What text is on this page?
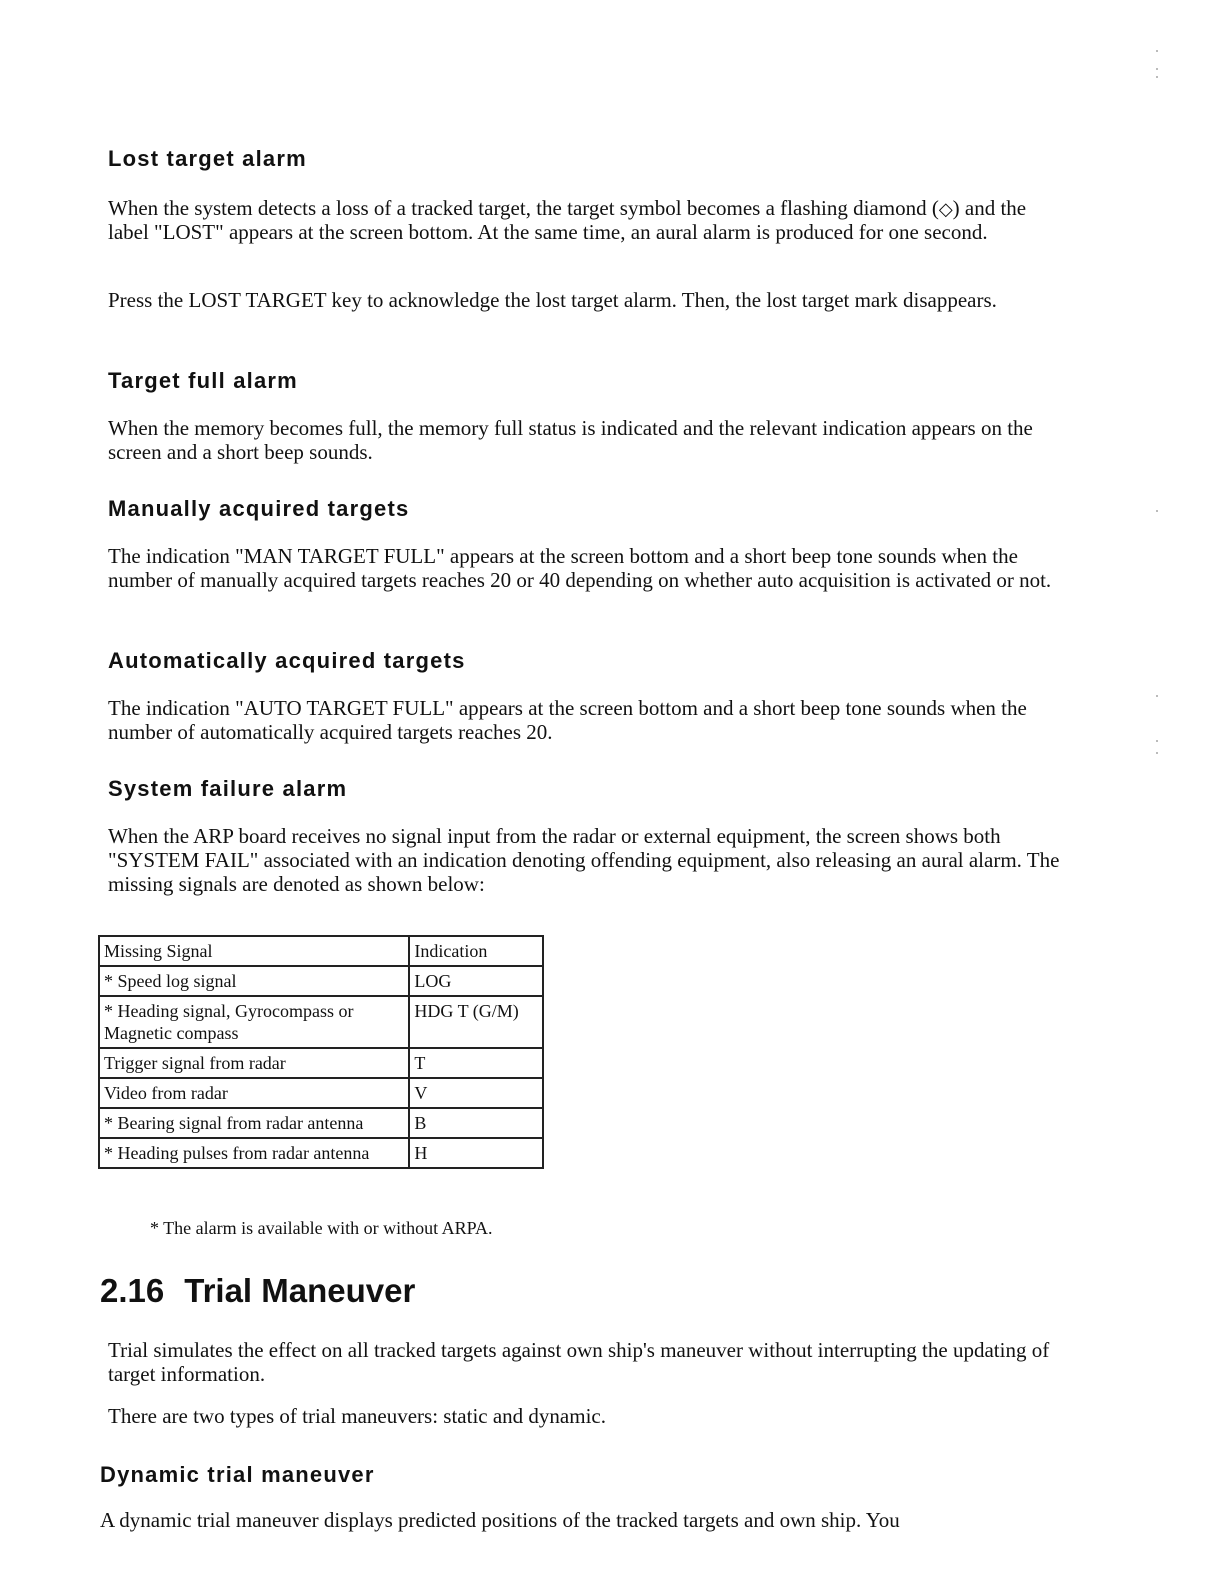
Lost target alarm

When the system detects a loss of a tracked target, the target symbol becomes a flashing diamond (◇) and the label "LOST" appears at the screen bottom. At the same time, an aural alarm is produced for one second.

Press the LOST TARGET key to acknowledge the lost target alarm. Then, the lost target mark disappears.

Target full alarm

When the memory becomes full, the memory full status is indicated and the relevant indication appears on the screen and a short beep sounds.

Manually acquired targets

The indication "MAN TARGET FULL" appears at the screen bottom and a short beep tone sounds when the number of manually acquired targets reaches 20 or 40 depending on whether auto acquisition is activated or not.

Automatically acquired targets

The indication "AUTO TARGET FULL" appears at the screen bottom and a short beep tone sounds when the number of automatically acquired targets reaches 20.

System failure alarm

When the ARP board receives no signal input from the radar or external equipment, the screen shows both "SYSTEM FAIL" associated with an indication denoting offending equipment, also releasing an aural alarm. The missing signals are denoted as shown below:

Missing Signal	Indication
* Speed log signal	LOG
* Heading signal, Gyrocompass or Magnetic compass	HDG T (G/M)
Trigger signal from radar	T
Video from radar	V
* Bearing signal from radar antenna	B
* Heading pulses from radar antenna	H

* The alarm is available with or without ARPA.

2.16 Trial Maneuver

Trial simulates the effect on all tracked targets against own ship's maneuver without interrupting the updating of target information.

There are two types of trial maneuvers: static and dynamic.

Dynamic trial maneuver

A dynamic trial maneuver displays predicted positions of the tracked targets and own ship. You
